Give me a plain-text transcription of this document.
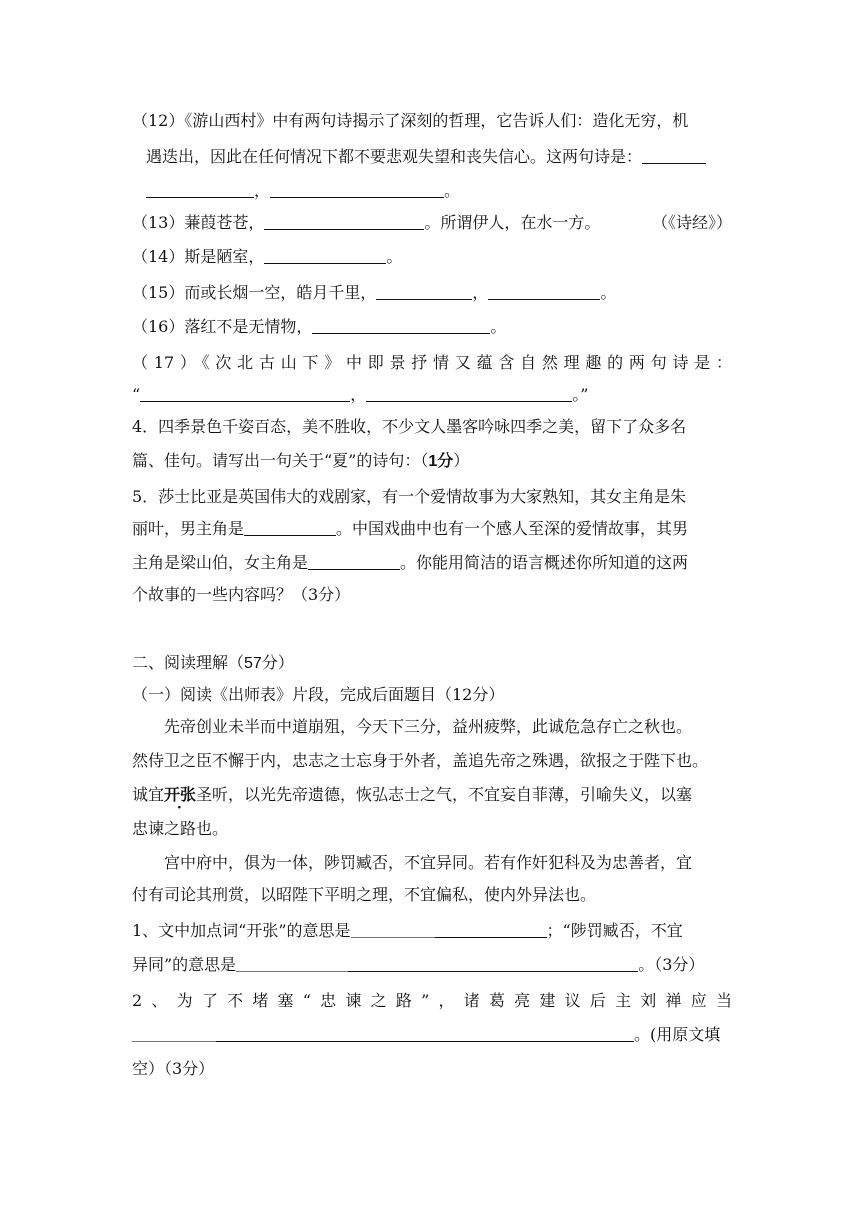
（12）《游山西村》中有两句诗揭示了深刻的哲理，它告诉人们：造化无穷，机
遇迭出，因此在任何情况下都不要悲观失望和丧失信心。这两句诗是：
，	。
（13）蒹葭苍苍，	。所谓伊人，在水一方。	（《诗经》）
（14）斯是陋室，	。
（15）而或长烟一空，皓月千里，	，	。
（16）落红不是无情物，	。
（17）《次北古山下》中即景抒情又蕴含自然理趣的两句诗是：
“	，	。”
4．四季景色千姿百态，美不胜收，不少文人墨客吟咏四季之美，留下了众多名
篇、佳句。请写出一句关于“夏”的诗句：（1分）
5．莎士比亚是英国伟大的戏剧家，有一个爱情故事为大家熟知，其女主角是朱
丽叶，男主角是	。中国戏曲中也有一个感人至深的爱情故事，其男
主角是梁山伯，女主角是	。你能用简洁的语言概述你所知道的这两
个故事的一些内容吗？（3分）
二、阅读理解（57分）
（一）阅读《出师表》片段，完成后面题目（12分）
先帝创业未半而中道崩殂，今天下三分，益州疲弊，此诚危急存亡之秋也。
然侍卫之臣不懈于内，忠志之士忘身于外者，盖追先帝之殊遇，欲报之于陛下也。
诚宜开张圣听，以光先帝遗德，恢弘志士之气，不宜妄自菲薄，引喻失义，以塞
忠谏之路也。
宫中府中，俱为一体，陟罚臧否，不宜异同。若有作奸犯科及为忠善者，宜
付有司论其刑赏，以昭陛下平明之理，不宜偏私，使内外异法也。
1、文中加点词“开张”的意思是	；“陟罚臧否，不宜
异同”的意思是	。（3分）
2、为了不堵塞“忠谏之路”，诸葛亮建议后主刘禅应当
。(用原文填
空）（3分）
